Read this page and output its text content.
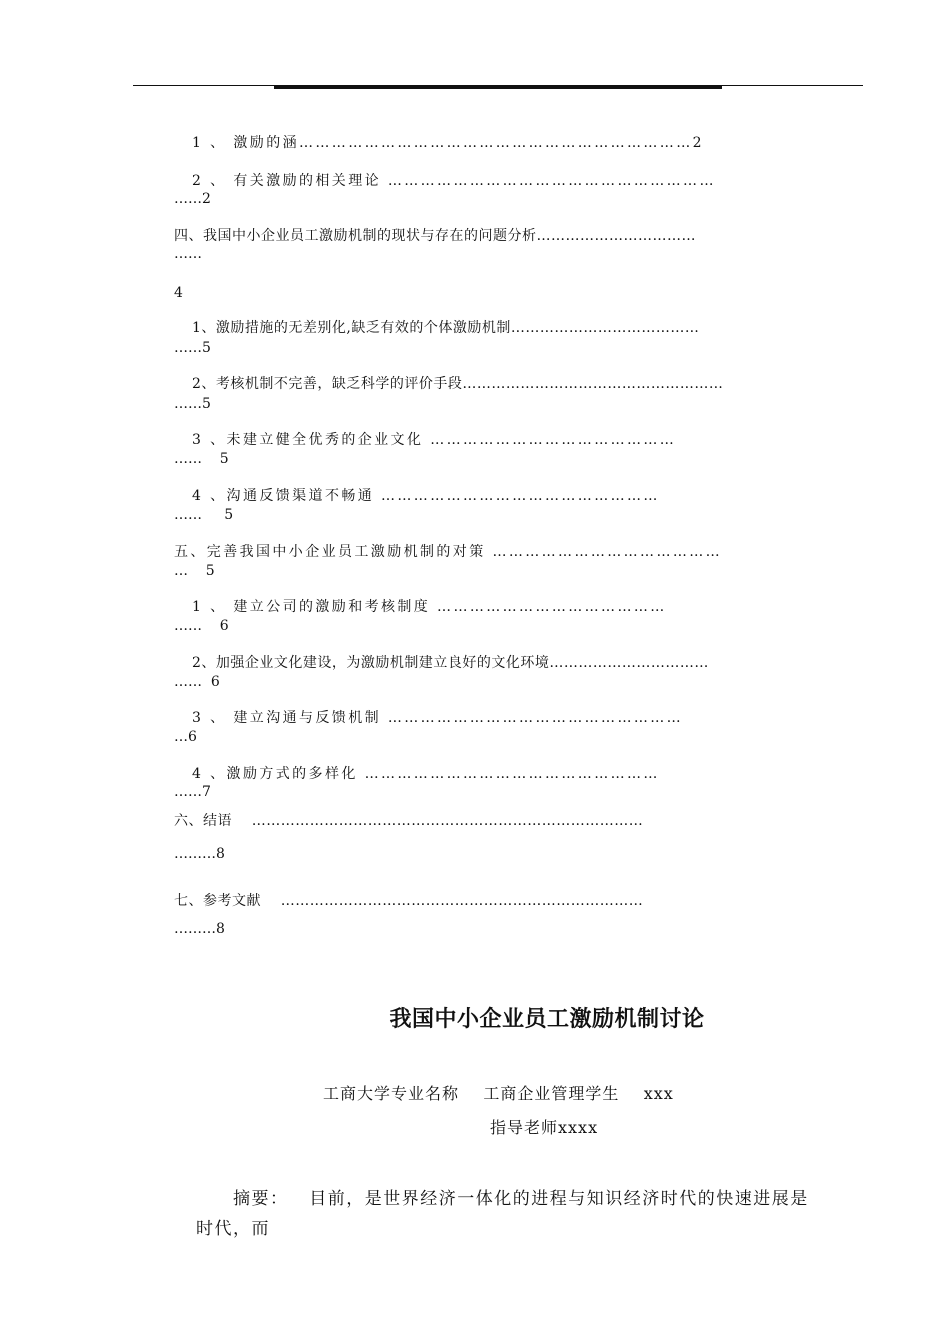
1 、 激励的涵………………………………………………………………2

2 、 有关激励的相关理论 ……………………………………………………

……2

四、我国中小企业员工激励机制的现状与存在的问题分析……………………………

……

4

1、激励措施的无差别化,缺乏有效的个体激励机制…………………………………

……5

2、考核机制不完善，缺乏科学的评价手段………………………………………………

……5

3 、未建立健全优秀的企业文化 ………………………………………

……    5

4 、沟通反馈渠道不畅通 ……………………………………………

……     5

五、完善我国中小企业员工激励机制的对策 ……………………………………

…    5

1 、 建立公司的激励和考核制度 ……………………………………

……    6

2、加强企业文化建设，为激励机制建立良好的文化环境……………………………

……  6

3 、 建立沟通与反馈机制 ………………………………………………

…6

4 、激励方式的多样化 ………………………………………………

……7

六、结语    ………………………………………………………………………

………8

七、参考文献    …………………………………………………………………

………8

我国中小企业员工激励机制讨论
工商大学专业名称    工商企业管理学生    xxx
指导老师xxxx
摘要：   目前，是世界经济一体化的进程与知识经济时代的快速进展是
时代，而
